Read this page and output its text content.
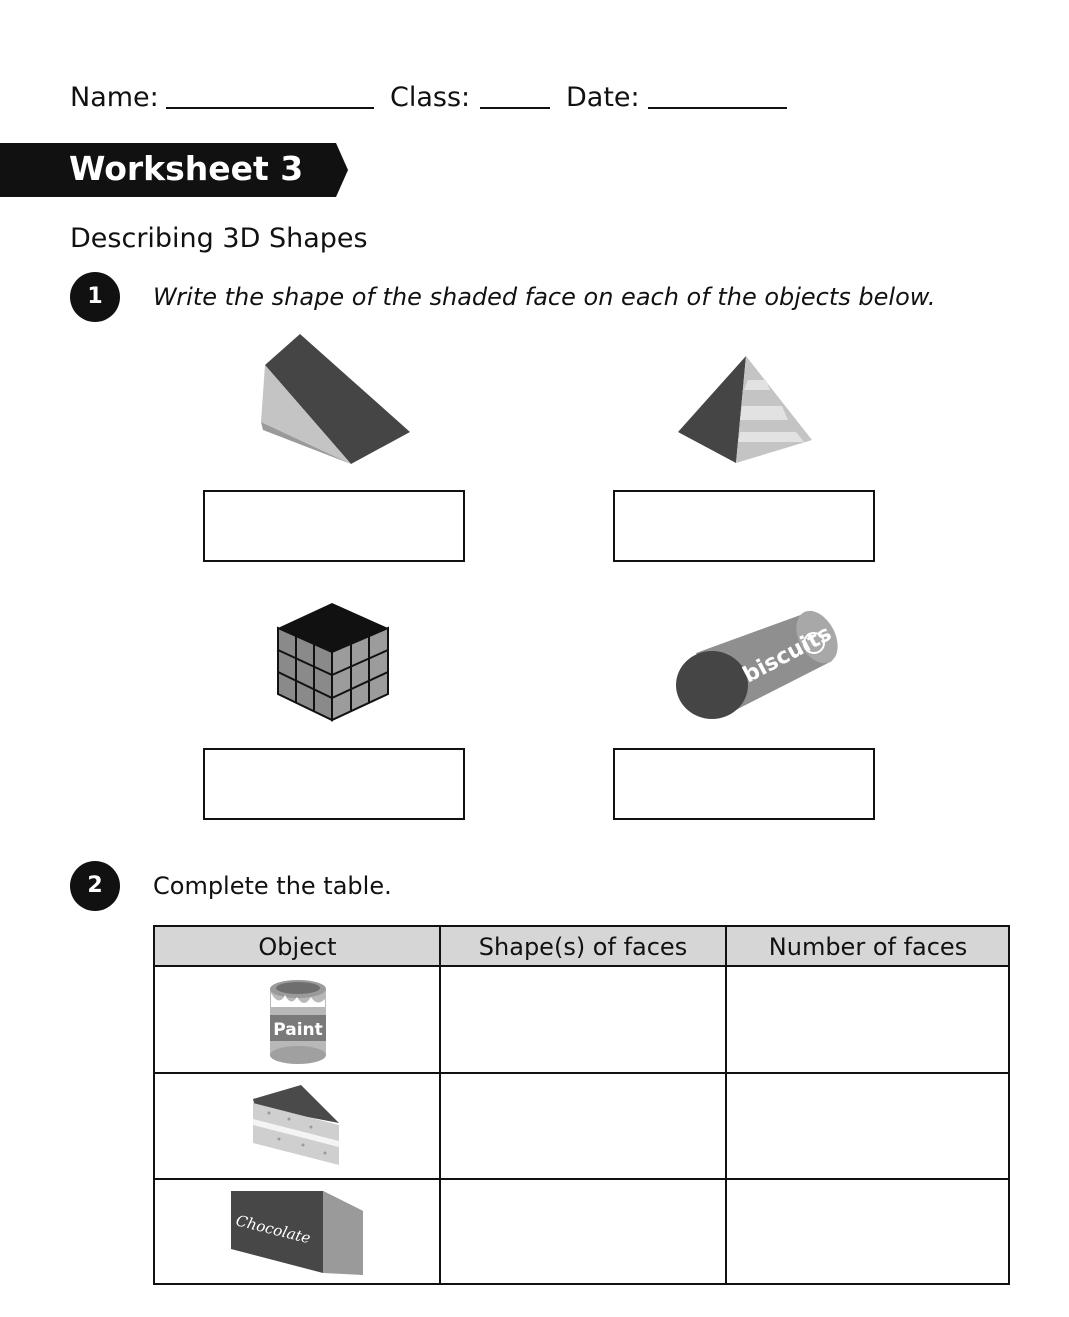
Name:	Class:	Date:
Worksheet 3
Describing 3D Shapes
1	Write the shape of the shaded face on each of the objects below.
biscuits
2	Complete the table.
Object	Shape(s) of faces	Number of faces
Paint
Chocolate
